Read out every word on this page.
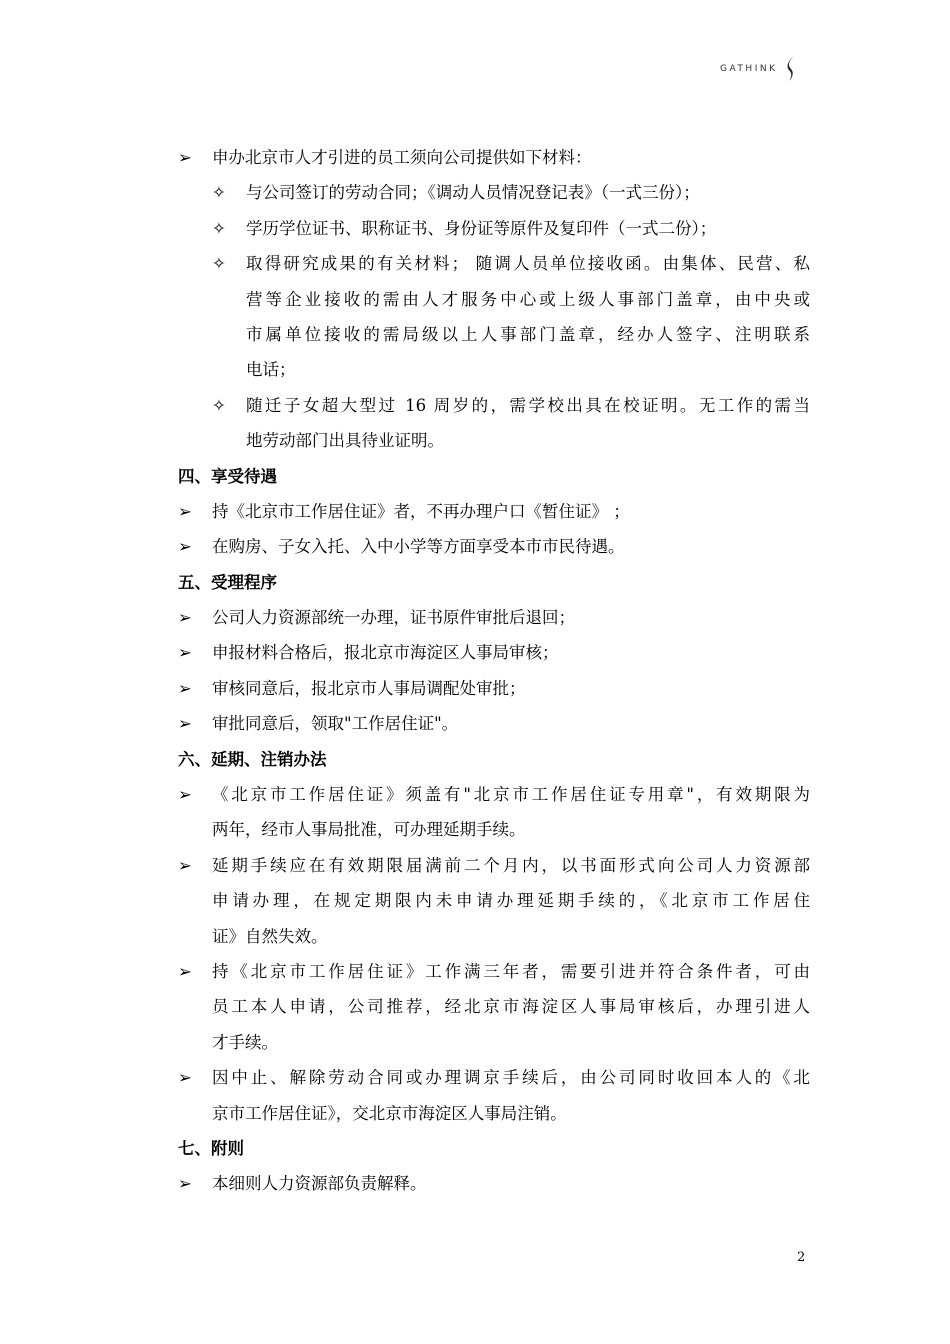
GATHINK
➢	申办北京市人才引进的员工须向公司提供如下材料：
✧	与公司签订的劳动合同；《调动人员情况登记表》（一式三份）；
✧	学历学位证书、职称证书、身份证等原件及复印件（一式二份）；
✧	取得研究成果的有关材料； 随调人员单位接收函。由集体、民营、私
营等企业接收的需由人才服务中心或上级人事部门盖章，由中央或
市属单位接收的需局级以上人事部门盖章，经办人签字、注明联系
电话；
✧	随迁子女超大型过 16 周岁的，需学校出具在校证明。无工作的需当
地劳动部门出具待业证明。
四、享受待遇
➢	持《北京市工作居住证》者，不再办理户口《暂住证》 ；
➢	在购房、子女入托、入中小学等方面享受本市市民待遇。
五、受理程序
➢	公司人力资源部统一办理，证书原件审批后退回；
➢	申报材料合格后，报北京市海淀区人事局审核；
➢	审核同意后，报北京市人事局调配处审批；
➢	审批同意后，领取"工作居住证"。
六、延期、注销办法
➢	《北京市工作居住证》须盖有"北京市工作居住证专用章"，有效期限为
两年，经市人事局批准，可办理延期手续。
➢	延期手续应在有效期限届满前二个月内，以书面形式向公司人力资源部
申请办理，在规定期限内未申请办理延期手续的，《北京市工作居住
证》自然失效。
➢	持《北京市工作居住证》工作满三年者，需要引进并符合条件者，可由
员工本人申请，公司推荐，经北京市海淀区人事局审核后，办理引进人
才手续。
➢	因中止、解除劳动合同或办理调京手续后，由公司同时收回本人的《北
京市工作居住证》，交北京市海淀区人事局注销。
七、附则
➢	本细则人力资源部负责解释。
2
